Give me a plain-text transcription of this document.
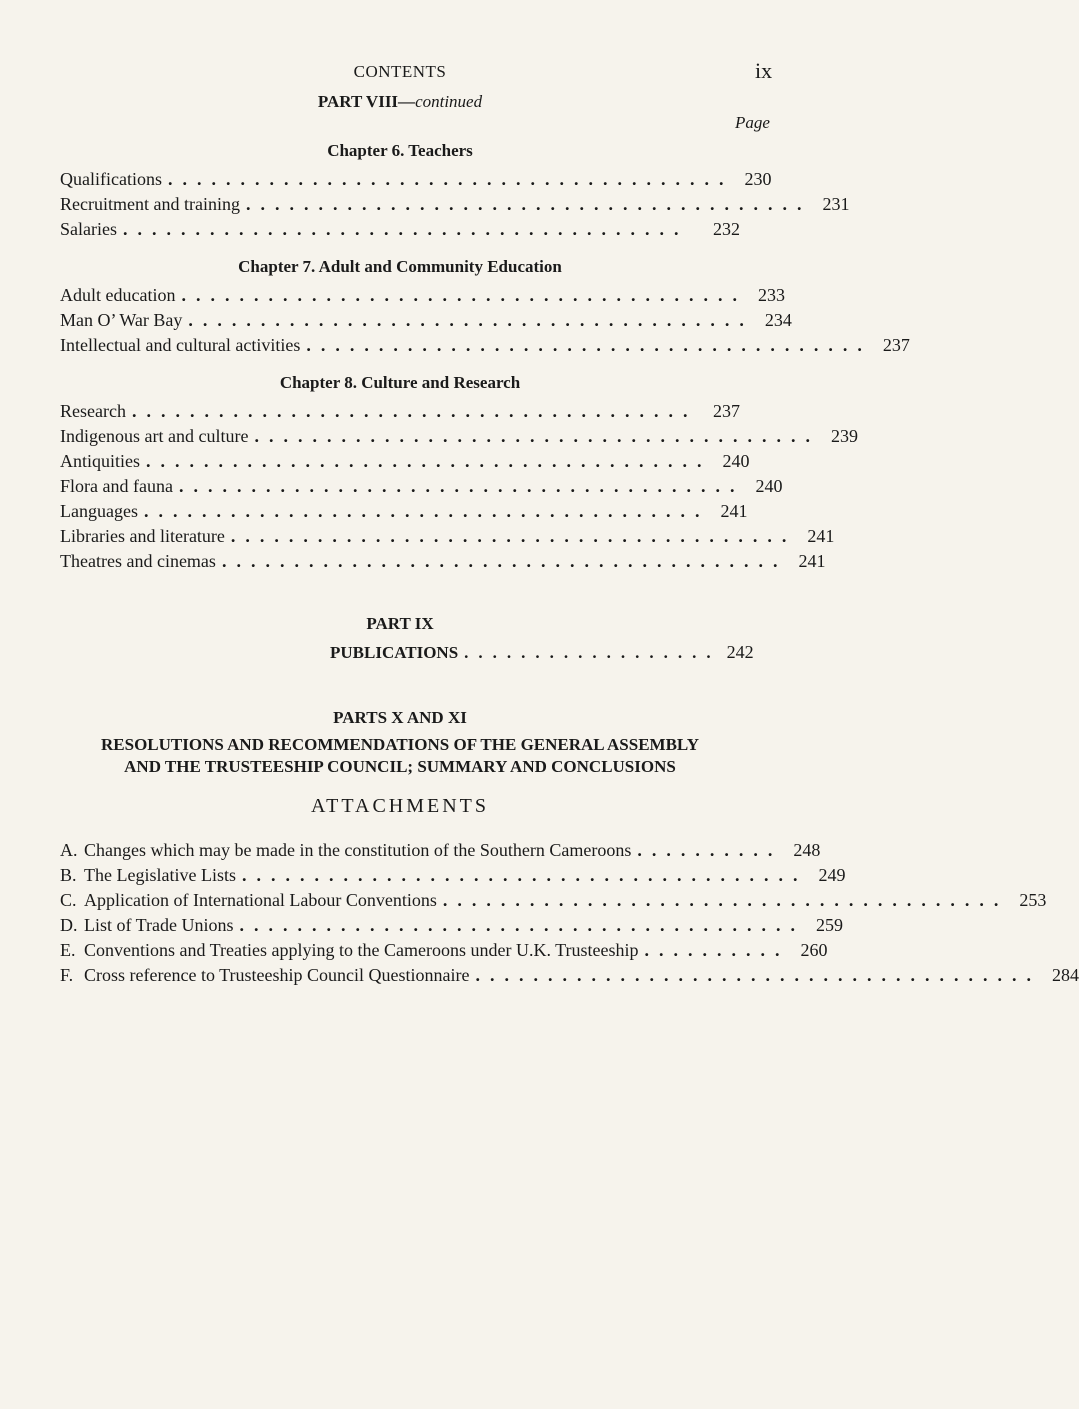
CONTENTS	ix
PART VIII—continued
Page
Chapter 6. Teachers
Qualifications ....................................... 230
Recruitment and training ....................................... 231
Salaries .......................................	232
Chapter 7. Adult and Community Education
Adult education ....................................... 233
Man O’ War Bay ....................................... 234
Intellectual and cultural activities ....................................... 237
Chapter 8. Culture and Research
Research ....................................... 237
Indigenous art and culture ....................................... 239
Antiquities ....................................... 240
Flora and fauna ....................................... 240
Languages ....................................... 241
Libraries and literature ....................................... 241
Theatres and cinemas ....................................... 241
PART IX
PUBLICATIONS .................. 242
PARTS X AND XI
RESOLUTIONS AND RECOMMENDATIONS OF THE GENERAL ASSEMBLY
AND THE TRUSTEESHIP COUNCIL; SUMMARY AND CONCLUSIONS
ATTACHMENTS
A. Changes which may be made in the constitution of the Southern Cameroons .......... 248
B. The Legislative Lists ....................................... 249
C. Application of International Labour Conventions ....................................... 253
D. List of Trade Unions ....................................... 259
E. Conventions and Treaties applying to the Cameroons under U.K. Trusteeship .......... 260
F. Cross reference to Trusteeship Council Questionnaire ....................................... 284
